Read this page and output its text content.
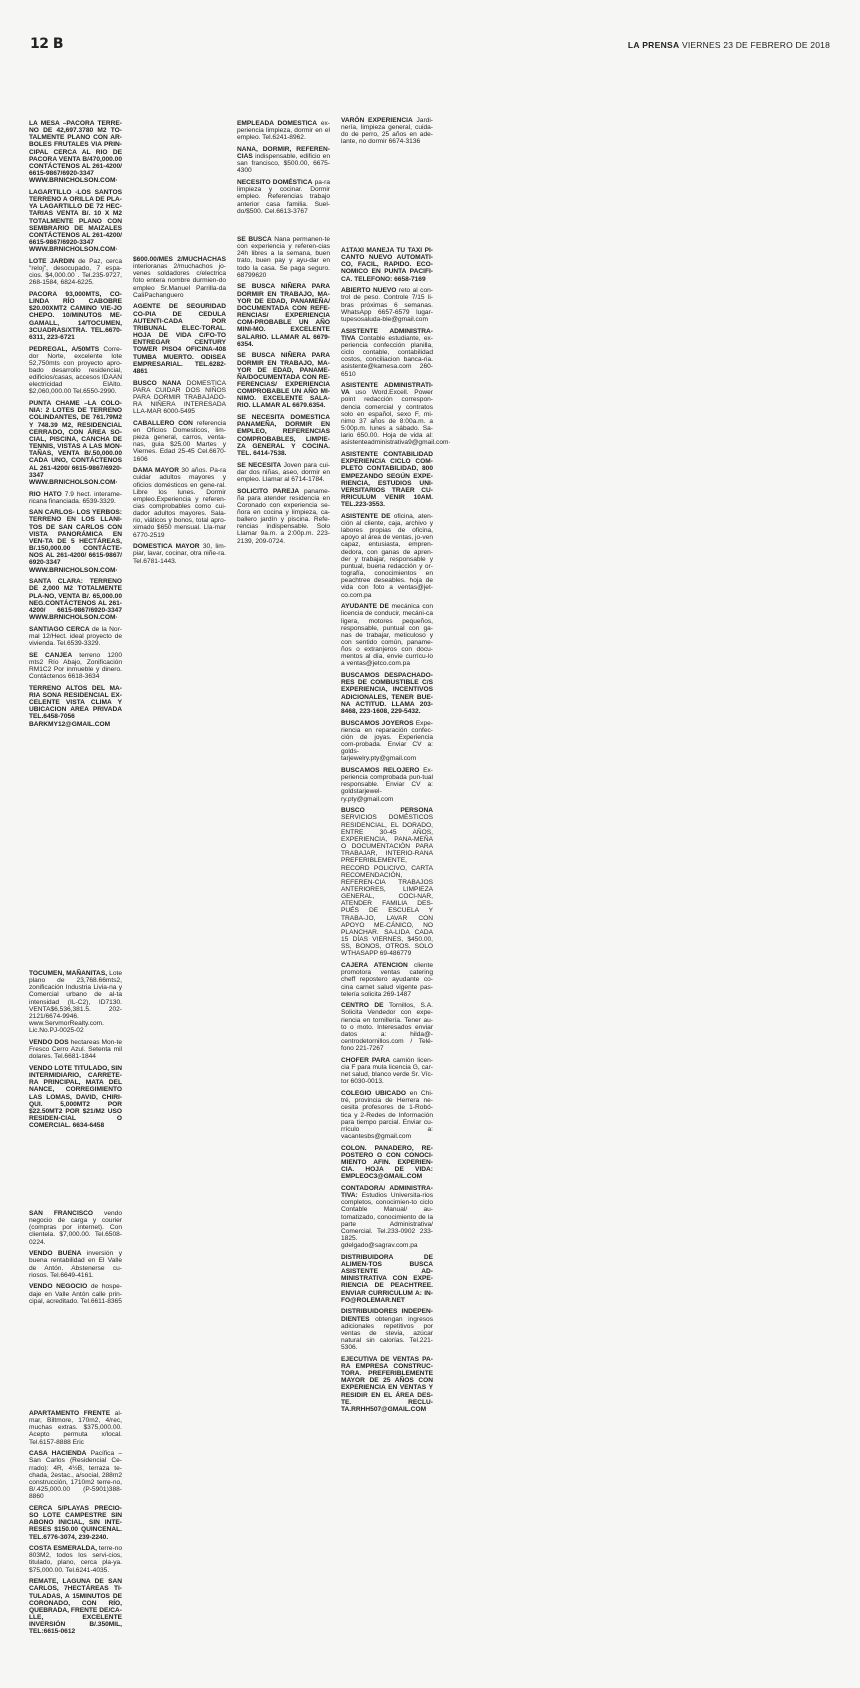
12 B	LA PRENSA VIERNES 23 DE FEBRERO DE 2018

LA MESA –PACORA TERRE-NO DE 42,697.3780 M2 TO-TALMENTE PLANO CON AR-BOLES FRUTALES VIA PRIN-CIPAL CERCA AL RIO DE PACORA VENTA B/470,000.00 CONTÁCTENOS AL 261-4200/ 6615-9867/6920-3347 WWW.BRNICHOLSON.COM·

LAGARTILLO -LOS SANTOS TERRENO A ORILLA DE PLA-YA LAGARTILLO DE 72 HEC-TARIAS VENTA B/. 10 X M2 TOTALMENTE PLANO CON SEMBRARIO DE MAIZALES CONTÁCTENOS AL 261-4200/ 6615-9867/6920-3347 WWW.BRNICHOLSON.COM·

LOTE JARDIN de Paz, cerca "reloj", desocupado, 7 espa-cios. $4,000.00 . Tel.235-9727, 268-1584, 6824-6225.

PACORA 93,000MTS, CO-LINDA RÍO CABOBRE $20.00XMT2 CAMINO VIE-JO CHEPO. 10/MINUTOS ME-GAMALL, 14/TOCUMEN, 3CUADRAS/XTRA. TEL.6670-6311, 223-6721

PEDREGAL, A/50MTS Corre-dor Norte, excelente lote 52,750mts con proyecto apro-bado desarrollo residencial, edificios/casas, accesos IDAAN electricidad ElAlto. $2,060,000.00 Tel.6550-2990.

PUNTA CHAME –LA COLO-NIA: 2 LOTES DE TERRENO COLINDANTES, DE 761.79M2 Y 748.39 M2, RESIDENCIAL CERRADO, CON ÁREA SO-CIAL, PISCINA, CANCHA DE TENNIS, VISTAS A LAS MON-TAÑAS, VENTA B/.50,000.00 CADA UNO, CONTÁCTENOS AL 261-4200/ 6615-9867/6920-3347 WWW.BRNICHOLSON.COM·

RIO HATO 7.9 hect. interame-ricana financiada. 6539-3329.

SAN CARLOS- LOS YERBOS: TERRENO EN LOS LLANI-TOS DE SAN CARLOS CON VISTA PANORÁMICA EN VEN-TA DE 5 HECTÁREAS, B/.150,000.00 CONTÁCTE-NOS AL 261-4200/ 6615-9867/ 6920-3347 WWW.BRNICHOLSON.COM·

SANTA CLARA: TERRENO DE 2,000 M2 TOTALMENTE PLA-NO, VENTA B/. 65,000.00 NEG.CONTÁCTENOS AL 261-4200/ 6615-9867/6920-3347 WWW.BRNICHOLSON.COM·

SANTIAGO CERCA de la Nor-mal 12/Hect. ideal proyecto de vivienda. Tel.6539-3329.

SE CANJEA terreno 1200 mts2 Río Abajo, Zonificación RM1C2 Por inmueble y dinero. Contáctenos 6618-3634

TERRENO ALTOS DEL MA-RIA SONA RESIDENCIAL EX-CELENTE VISTA CLIMA Y UBICACION AREA PRIVADA TEL.6458-7056 BARKMY12@GMAIL.COM

TOCUMEN, MAÑANITAS, Lote plano de 23,768.66mts2, zonificación Industria Livia-na y Comercial urbano de al-ta intensidad (IL-C2), ID7130. VENTA$6,536,381.5. 202-2121/6674-9946. www.ServmorRealty.com. Lic.No.PJ-0025-02

VENDO DOS hectareas Mon-te Fresco Cerro Azul. Setenta mil dolares. Tel.6681-1844

VENDO LOTE TITULADO, SIN INTERMIDIARIO, CARRETE-RA PRINCIPAL, MATA DEL NANCE, CORREGIMIENTO LAS LOMAS, DAVID, CHIRI-QUI. 5,000MT2 POR $22.50MT2 POR $21/M2 USO RESIDEN-CIAL O COMERCIAL. 6634-6458

SAN FRANCISCO vendo negocio de carga y courier (compras por internet). Con clientela. $7,000.00. Tel.6508-0224.

VENDO BUENA inversión y buena rentabilidad en El Valle de Antón. Abstenerse cu-riosos. Tel.6649-4161.

VENDO NEGOCIO de hospe-daje en Valle Antón calle prin-cipal, acreditado. Tel.6611-8365

APARTAMENTO FRENTE al-mar, Biltmore, 170m2, 4/rec, muchas extras. $375,000.00. Acepto permuta x/local. Tel.6157-8888 Eric

CASA HACIENDA Pacífica – San Carlos (Residencial Ce-rrado): 4R, 4½B, terraza te-chada, 2estac., a/social, 288m2 construcción, 1710m2 terre-no, B/.425,000.00 (P-5901)388-8860

CERCA 5/PLAYAS PRECIO-SO LOTE CAMPESTRE SIN ABONO INICIAL, SIN INTE-RESES $150.00 QUINCENAL. TEL.6776-3074, 239-2240.

COSTA ESMERALDA, terre-no 803M2, todos los servi-cios, titulado, plano, cerca pla-ya. $75,000.00. Tel.6241-4035.

REMATE, LAGUNA DE SAN CARLOS, 7HECTÁREAS TI-TULADAS, A 15MINUTOS DE CORONADO, CON RÍO, QUEBRADA, FRENTE DE/CA-LLE, EXCELENTE INVERSIÓN B/.350MIL, TEL:6615-0612

$600.00/MES 2/MUCHACHAS interioranas 2/muchachos jo-venes soldadores c/electrica foto entera nombre durmien-do empleo Sr.Manuel Parrilla-da CaliPachanguero

AGENTE DE SEGURIDAD CO-PIA DE CEDULA AUTENTI-CADA POR TRIBUNAL ELEC-TORAL. HOJA DE VIDA C/FO-TO ENTREGAR CENTURY TOWER PISO4 OFICINA-408 TUMBA MUERTO. ODISEA EMPRESARIAL. TEL.6282-4861

BUSCO NANA DOMESTICA PARA CUIDAR DOS NIÑOS PARA DORMIR TRABAJADO-RA NIÑERA INTERESADA LLA-MAR 6000-5495

CABALLERO CON referencia en Oficios Domesticos, lim-pieza general, carros, venta-nas, guia $25.00 Martes y Viernes. Edad 25-45 Cel.6670-1606

DAMA MAYOR 30 años. Pa-ra cuidar adultos mayores y oficios domésticos en gene-ral. Libre los lunes. Dormir empleo.Experiencia y referen-cias comprobables como cui-dador adultos mayores. Sala-rio, viáticos y bonos, total apro-ximado $650 mensual. Lla-mar 6770-2519

DOMESTICA MAYOR 30, lim-piar, lavar, cocinar, otra niñe-ra. Tel.6781-1443.

EMPLEADA DOMESTICA ex-periencia limpieza, dormir en el empleo. Tel.6241-8962.

NANA, DORMIR, REFEREN-CIAS indispensable, edificio en san francisco, $500.00, 6675-4300

NECESITO DOMÉSTICA pa-ra limpieza y cocinar. Dormir empleo. Referencias trabajo anterior casa familia. Suel-do/$500. Cel.6613-3767

SE BUSCA Nana permanen-te con experiencia y referen-cias 24h libres a la semana, buen trato, buen pay y ayu-dar en todo la casa. Se paga seguro. 68799620

SE BUSCA NIÑERA PARA DORMIR EN TRABAJO, MA-YOR DE EDAD, PANAMEÑA/ DOCUMENTADA CON REFE-RENCIAS/ EXPERIENCIA COM-PROBABLE UN AÑO MINI-MO. EXCELENTE SALARIO. LLAMAR AL 6679-6354.

SE BUSCA NIÑERA PARA DORMIR EN TRABAJO, MA-YOR DE EDAD, PANAME-ÑA/DOCUMENTADA CON RE-FERENCIAS/ EXPERIENCIA COMPROBABLE UN AÑO MI-NIMO. EXCELENTE SALA-RIO. LLAMAR AL 6679.6354.

SE NECESITA DOMESTICA PANAMEÑA, DORMIR EN EMPLEO, REFERENCIAS COMPROBABLES, LIMPIE-ZA GENERAL Y COCINA. TEL. 6414-7538.

SE NECESITA Joven para cui-dar dos niñas, aseo, dormir en empleo. Llamar al 6714-1784.

SOLICITO PAREJA paname-ña para atender residencia en Coronado con experiencia se-ñora en cocina y limpieza, ca-ballero jardín y piscina. Refe-rencias indispensable. Solo Llamar 9a.m. a 2:00p.m. 223-2139, 209-0724.

VARÓN EXPERIENCIA Jardi-nería, limpieza general, cuida-do de perro, 25 años en ade-lante, no dormir 6674-3136

A1TAXI MANEJA TU TAXI PI-CANTO NUEVO AUTOMATI-CO, FACIL, RAPIDO. ECO-NOMICO EN PUNTA PACIFI-CA. TELEFONO: 6658-7169

ABIERTO NUEVO reto al con-trol de peso. Controle 7/15 li-bras próximas 6 semanas. WhatsApp 6657-6579 lugar-tupesosaluda-ble@gmail.com

ASISTENTE ADMINISTRA-TIVA Contable estudiante, ex-periencia confección planilla, ciclo contable, contabilidad costos, conciliacion banca-ria. asistente@kamesa.com 260-6510

ASISTENTE ADMINISTRATI-VA uso Word.Excell. Power point redacción correspon-dencia comercial y contratos solo en español, sexo F, mi-nimo 37 años de 8:00a.m. a 5:00p.m. lunes a sábado. Sa-lario 650.00. Hoja de vida al: asistenteadministrativa9@gmail.com·

ASISTENTE CONTABILIDAD EXPERIENCIA CICLO COM-PLETO CONTABILIDAD, 800 EMPEZANDO SEGÚN EXPE-RIENCIA, ESTUDIOS UNI-VERSITARIOS TRAER CU-RRICULUM VENIR 10AM. TEL.223-3553.

ASISTENTE DE oficina, aten-ción al cliente, caja, archivo y labores propias de oficina, apoyo al área de ventas, jo-ven capaz, entusiasta, empren-dedora, con ganas de apren-der y trabajar, responsable y puntual, buena redacción y or-tografía, conocimientos en peachtree deseables. hoja de vida con foto a ventas@jet-co.com.pa

AYUDANTE DE mecánica con licencia de conducir, mecáni-ca ligera, motores pequeños, responsable, puntual con ga-nas de trabajar, meticuloso y con sentido común, paname-ños o extranjeros con docu-mentos al día, envie currícu-lo a ventas@jetco.com.pa

BUSCAMOS DESPACHADO-RES DE COMBUSTIBLE C/S EXPERIENCIA, INCENTIVOS ADICIONALES, TENER BUE-NA ACTITUD. LLAMA 203-8468, 223-1608, 229-5432.

BUSCAMOS JOYEROS Expe-riencia en reparación confec-ción de joyas. Experiencia com-probada. Enviar CV a: golds-tarjewelry.pty@gmail.com

BUSCAMOS RELOJERO Ex-periencia comprobada pun-tual responsable. Enviar CV a: goldstarjewel-ry.pty@gmail.com

BUSCO PERSONA SERVICIOS DOMÉSTICOS RESIDENCIAL, EL DORADO, ENTRE 30-45 AÑOS, EXPERIENCIA, PANA-MEÑA O DOCUMENTACIÓN PARA TRABAJAR, INTERIO-RANA PREFERIBLEMENTE, RECORD POLICIVO, CARTA RECOMENDACIÓN, REFEREN-CIA TRABAJOS ANTERIORES, LIMPIEZA GENERAL, COCI-NAR, ATENDER FAMILIA DES-PUÉS DE ESCUELA Y TRABA-JO, LAVAR CON APOYO ME-CÁNICO, NO PLANCHAR. SA-LIDA CADA 15 DÍAS VIERNES, $450.00, SS, BONOS, OTROS. SOLO WTHASAPP 69-486779

CAJERA ATENCION cliente promotora ventas catering cheff repostero ayudante co-cina carnet salud vigente pas-telería solicita 269-1487

CENTRO DE Tornillos, S.A. Solicita Vendedor con expe-riencia en tornillería. Tener au-to o moto. Interesados enviar datos a: hilda@-centrodetornillos.com / Telé-fono 221-7267

CHOFER PARA camión licen-cia F para mula licencia G, car-net salud, blanco verde Sr. Víc-tor 6030-0013.

COLEGIO UBICADO en Chi-tré, provincia de Herrera ne-cesita profesores de 1-Robó-tica y 2-Redes de Información para tiempo parcial. Enviar cu-rrículo a: vacantesbs@gmail.com

COLON. PANADERO, RE-POSTERO O CON CONOCI-MIENTO AFIN. EXPERIEN-CIA. HOJA DE VIDA: EMPLEOC3@GMAIL.COM

CONTADORA/ ADMINISTRA-TIVA: Estudios Universita-rios completos, conocimien-to ciclo Contable Manual/ au-tomatizado, conocimiento de la parte Administrativa/ Comercial. Tel.233-0902 233-1825. gdelgado@sagrav.com.pa

DISTRIBUIDORA DE ALIMEN-TOS BUSCA ASISTENTE AD-MINISTRATIVA CON EXPE-RIENCIA DE PEACHTREE. ENVIAR CURRICULUM A: IN-FO@ROLEMAR.NET

DISTRIBUIDORES INDEPEN-DIENTES obtengan ingresos adicionales repetitivos por ventas de stevia, azúcar natural sin calorías. Tel.221-5306.

EJECUTIVA DE VENTAS PA-RA EMPRESA CONSTRUC-TORA. PREFERIBLEMENTE MAYOR DE 25 AÑOS CON EXPERIENCIA EN VENTAS Y RESIDIR EN EL ÁREA DES-TE. RECLU-TA.RRHH507@GMAIL.COM
